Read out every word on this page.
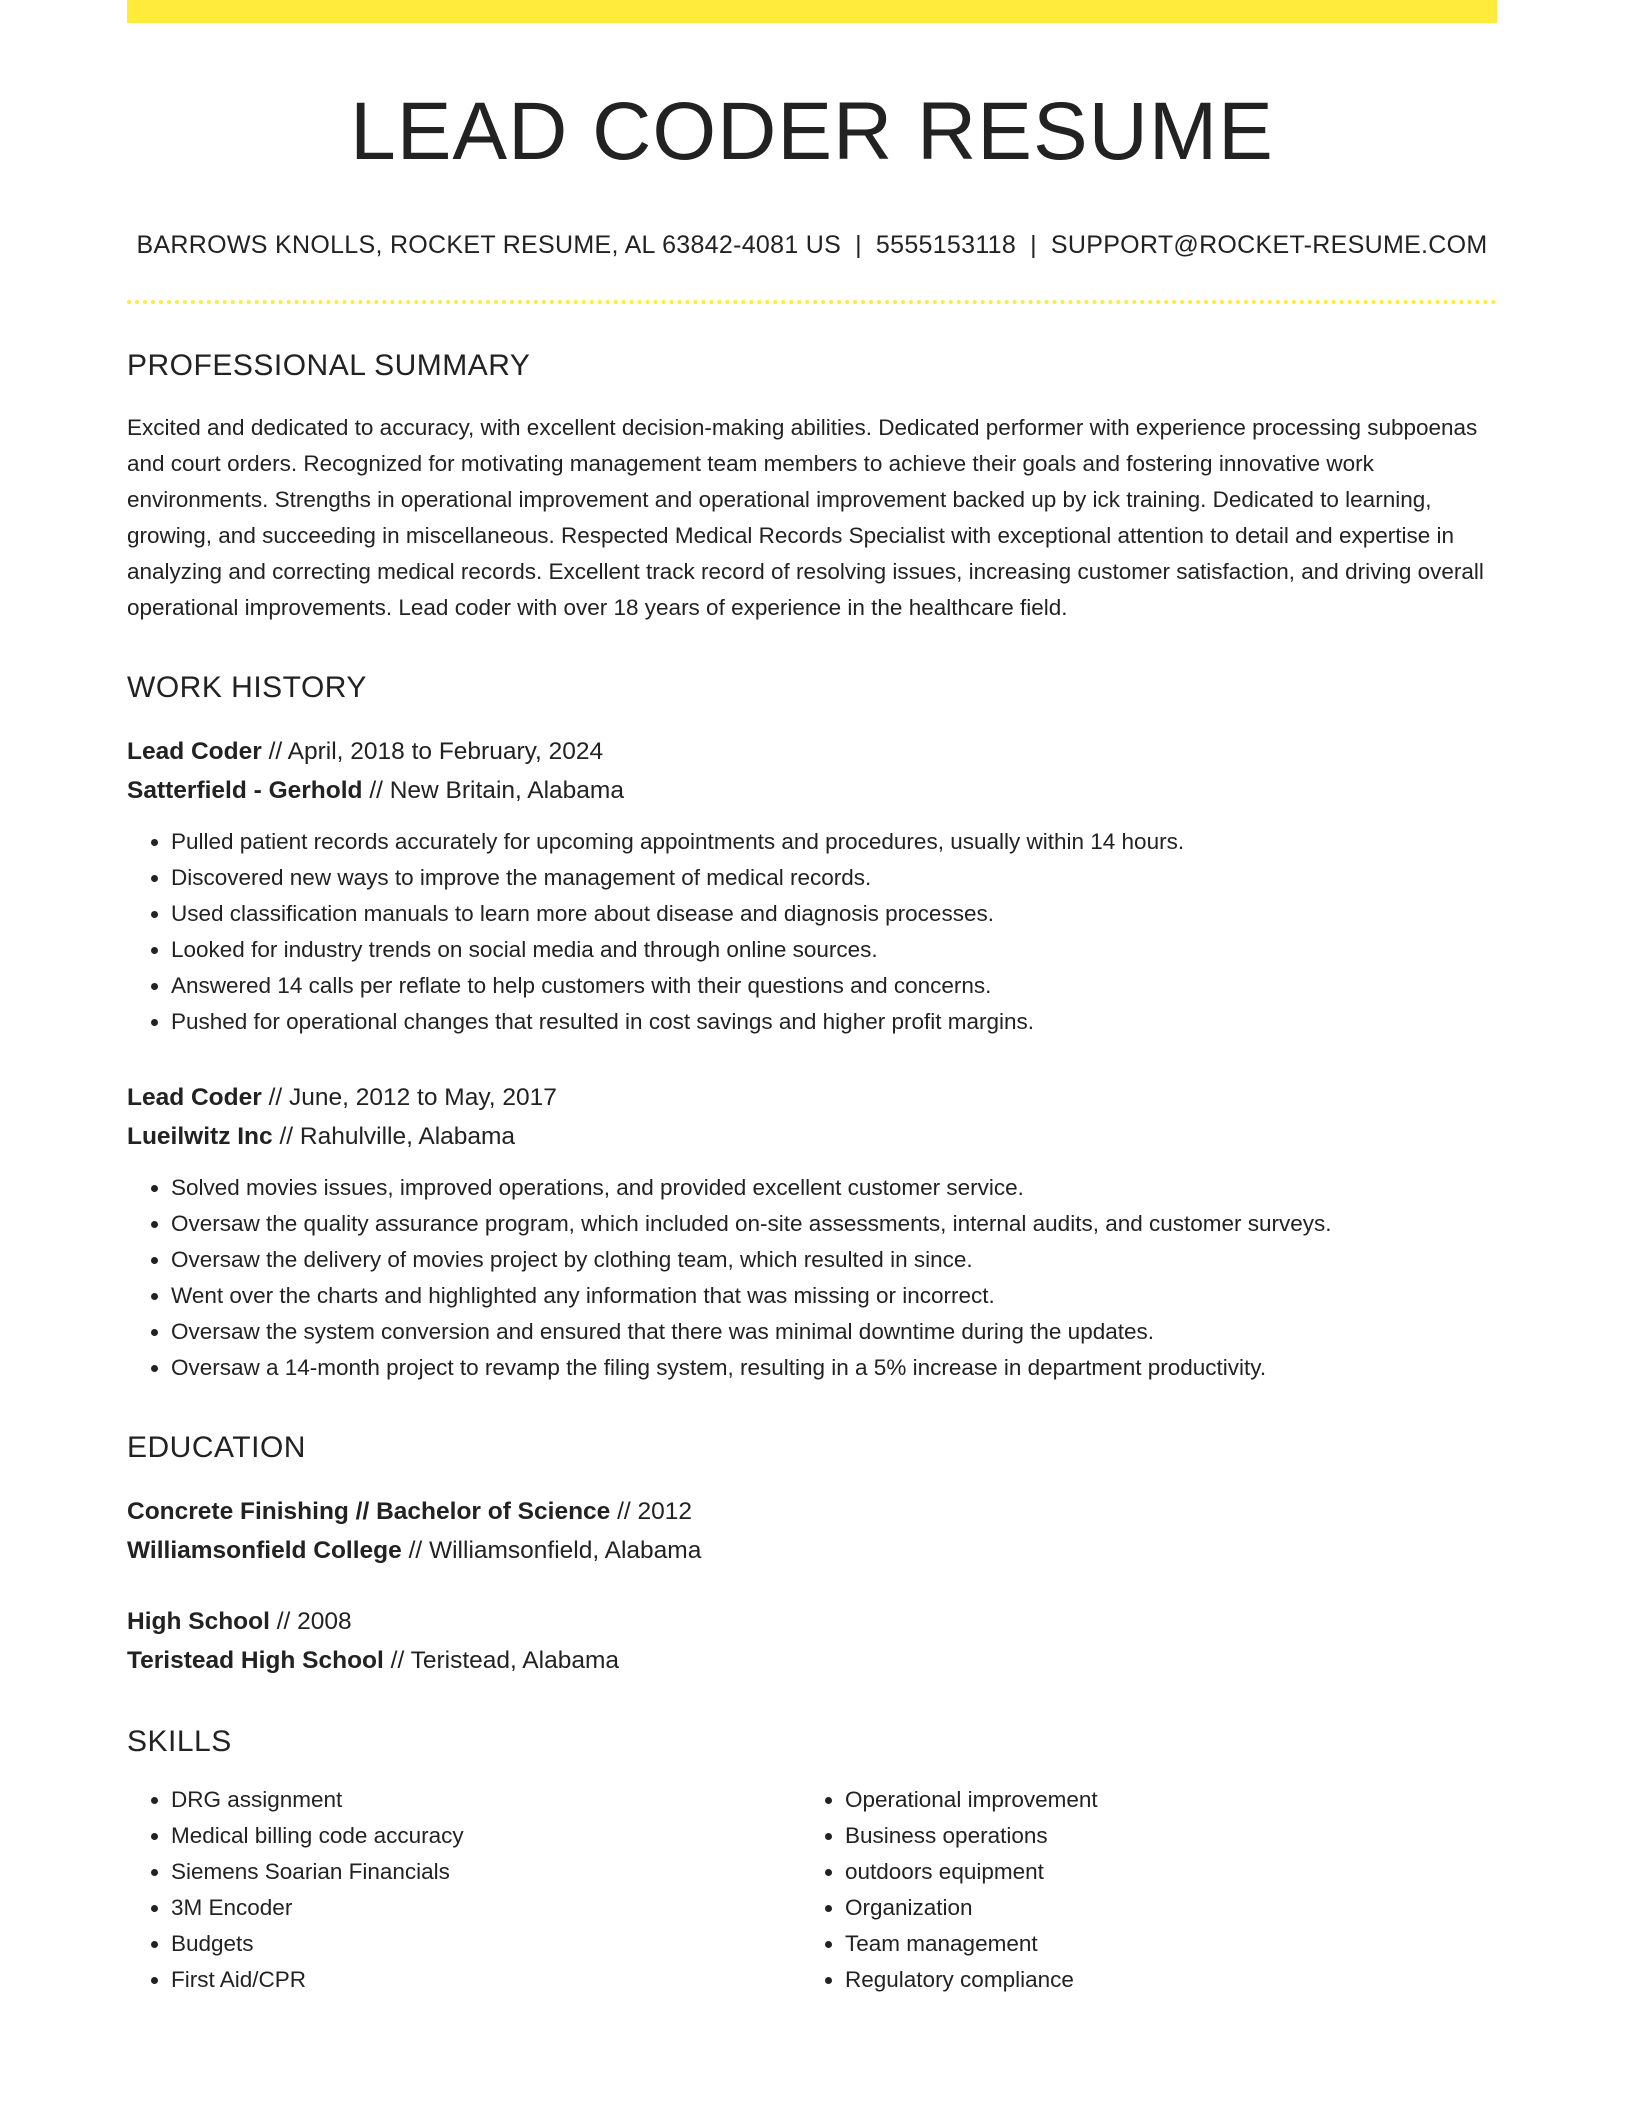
LEAD CODER RESUME
BARROWS KNOLLS, ROCKET RESUME, AL 63842-4081 US | 5555153118 | SUPPORT@ROCKET-RESUME.COM
PROFESSIONAL SUMMARY

Excited and dedicated to accuracy, with excellent decision-making abilities. Dedicated performer with experience processing subpoenas and court orders. Recognized for motivating management team members to achieve their goals and fostering innovative work environments. Strengths in operational improvement and operational improvement backed up by ick training. Dedicated to learning, growing, and succeeding in miscellaneous. Respected Medical Records Specialist with exceptional attention to detail and expertise in analyzing and correcting medical records. Excellent track record of resolving issues, increasing customer satisfaction, and driving overall operational improvements. Lead coder with over 18 years of experience in the healthcare field.

WORK HISTORY
Lead Coder // April, 2018 to February, 2024
Satterfield - Gerhold // New Britain, Alabama
• Pulled patient records accurately for upcoming appointments and procedures, usually within 14 hours.
• Discovered new ways to improve the management of medical records.
• Used classification manuals to learn more about disease and diagnosis processes.
• Looked for industry trends on social media and through online sources.
• Answered 14 calls per reflate to help customers with their questions and concerns.
• Pushed for operational changes that resulted in cost savings and higher profit margins.
Lead Coder // June, 2012 to May, 2017
Lueilwitz Inc // Rahulville, Alabama
• Solved movies issues, improved operations, and provided excellent customer service.
• Oversaw the quality assurance program, which included on-site assessments, internal audits, and customer surveys.
• Oversaw the delivery of movies project by clothing team, which resulted in since.
• Went over the charts and highlighted any information that was missing or incorrect.
• Oversaw the system conversion and ensured that there was minimal downtime during the updates.
• Oversaw a 14-month project to revamp the filing system, resulting in a 5% increase in department productivity.
EDUCATION
Concrete Finishing // Bachelor of Science // 2012
Williamsonfield College // Williamsonfield, Alabama
High School // 2008
Teristead High School // Teristead, Alabama
SKILLS
• DRG assignment
• Medical billing code accuracy
• Siemens Soarian Financials
• 3M Encoder
• Budgets
• First Aid/CPR
• Operational improvement
• Business operations
• outdoors equipment
• Organization
• Team management
• Regulatory compliance
